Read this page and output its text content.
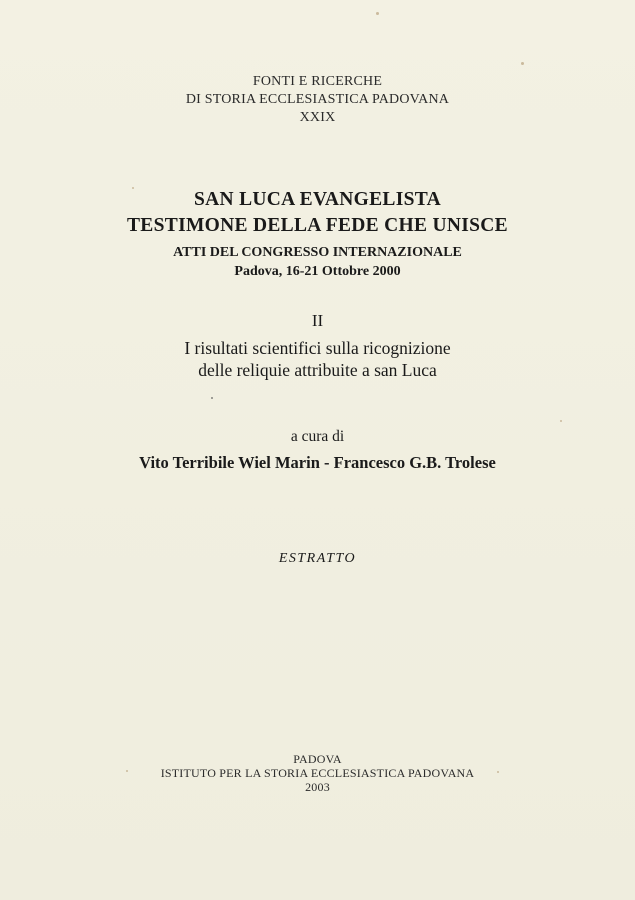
FONTI E RICERCHE
DI STORIA ECCLESIASTICA PADOVANA
XXIX
SAN LUCA EVANGELISTA
TESTIMONE DELLA FEDE CHE UNISCE
ATTI DEL CONGRESSO INTERNAZIONALE
Padova, 16-21 Ottobre 2000
II
I risultati scientifici sulla ricognizione
delle reliquie attribuite a san Luca
a cura di
Vito Terribile Wiel Marin - Francesco G.B. Trolese
ESTRATTO
PADOVA
ISTITUTO PER LA STORIA ECCLESIASTICA PADOVANA
2003
